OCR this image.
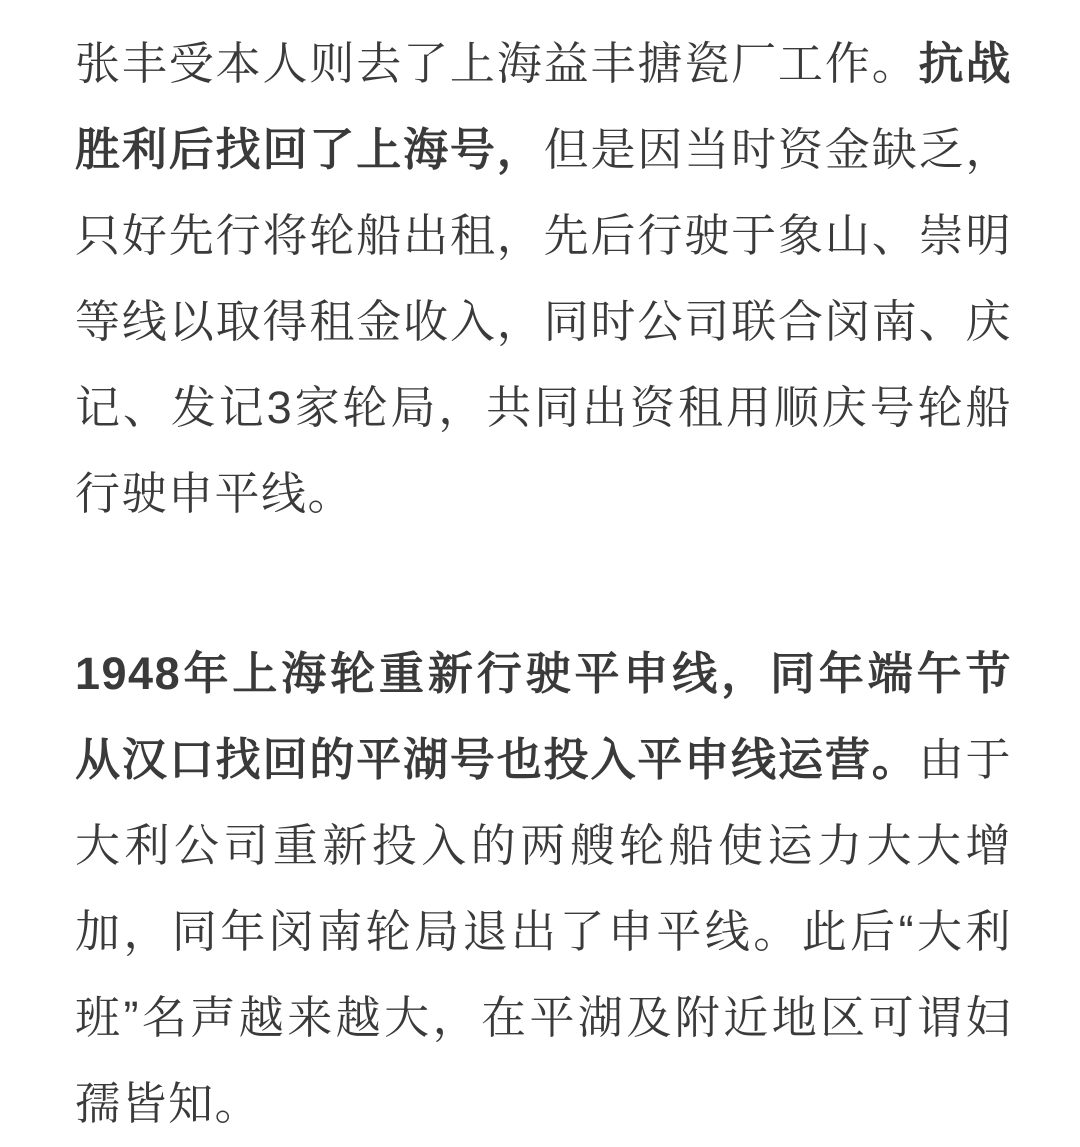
张丰受本人则去了上海益丰搪瓷厂工作。抗战胜利后找回了上海号，但是因当时资金缺乏，只好先行将轮船出租，先后行驶于象山、崇明等线以取得租金收入，同时公司联合闵南、庆记、发记3家轮局，共同出资租用顺庆号轮船行驶申平线。

1948年上海轮重新行驶平申线，同年端午节从汉口找回的平湖号也投入平申线运营。由于大利公司重新投入的两艘轮船使运力大大增加，同年闵南轮局退出了申平线。此后“大利班”名声越来越大，在平湖及附近地区可谓妇孺皆知。
